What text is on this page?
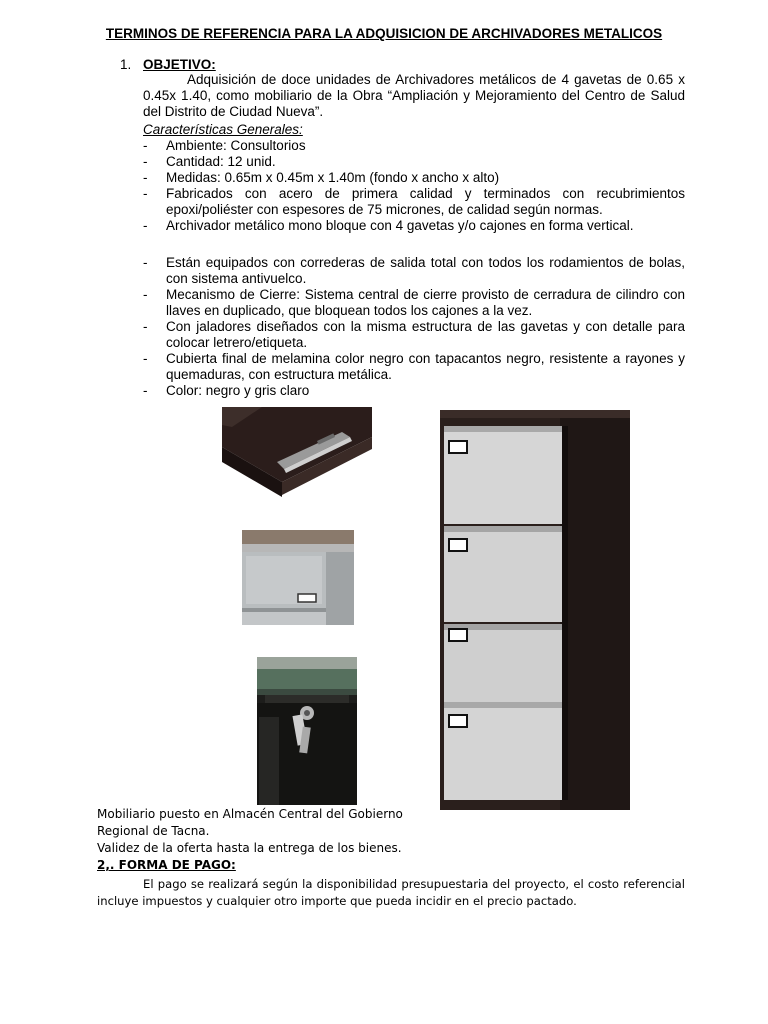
TERMINOS DE REFERENCIA PARA LA ADQUISICION DE ARCHIVADORES METALICOS
1. OBJETIVO:

Adquisición de doce unidades de Archivadores metálicos de 4 gavetas de 0.65 x 0.45x 1.40, como mobiliario de la Obra “Ampliación y Mejoramiento del Centro de Salud del Distrito de Ciudad Nueva”.

Características Generales:
- Ambiente: Consultorios
- Cantidad: 12 unid.
- Medidas: 0.65m x 0.45m x 1.40m (fondo x ancho x alto)
- Fabricados con acero de primera calidad y terminados con recubrimientos epoxi/poliéster con espesores de 75 micrones, de calidad según normas.
- Archivador metálico mono bloque con 4 gavetas y/o cajones en forma vertical.
- Están equipados con correderas de salida total con todos los rodamientos de bolas, con sistema antivuelco.
- Mecanismo de Cierre: Sistema central de cierre provisto de cerradura de cilindro con llaves en duplicado, que bloquean todos los cajones a la vez.
- Con jaladores diseñados con la misma estructura de las gavetas y con detalle para colocar letrero/etiqueta.
- Cubierta final de melamina color negro con tapacantos negro, resistente a rayones y quemaduras, con estructura metálica.
- Color: negro y gris claro
Mobiliario puesto en Almacén Central del Gobierno
Regional de Tacna.
Validez de la oferta hasta la entrega de los bienes.
2,. FORMA DE PAGO:

El pago se realizará según la disponibilidad presupuestaria del proyecto, el costo referencial incluye impuestos y cualquier otro importe que pueda incidir en el precio pactado.
